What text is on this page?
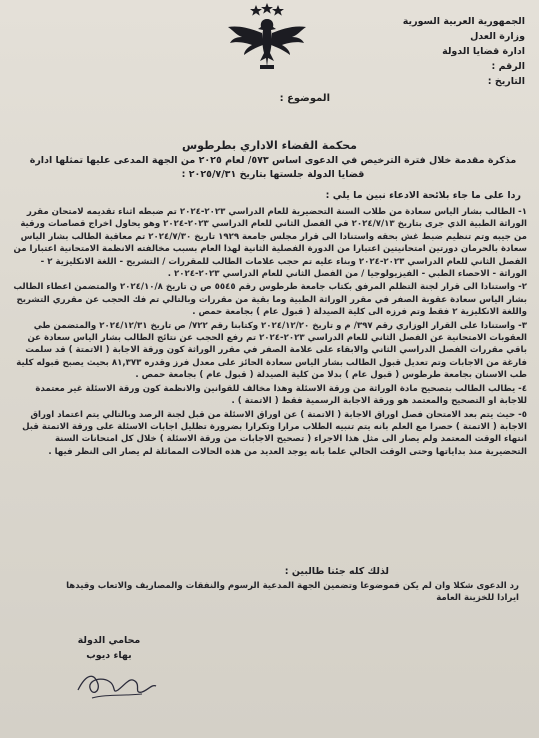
الجمهورية العربية السورية
وزارة العدل
ادارة قضايا الدولة
الرقم :
التاريخ :
الموضوع :
محكمة القضاء الاداري بطرطوس
مذكرة مقدمة خلال فترة الترخيص في الدعوى اساس ٥٧٣/ لعام ٢٠٢٥ من الجهة المدعى عليها تمثلها ادارة قضايا الدولة جلستها بتاريخ ٢٠٢٥/٧/٣١ :
ردا على ما جاء بلائحة الادعاء نبين ما يلي :
١- الطالب بشار الياس سعادة من طلاب السنة التحضيرية للعام الدراسي ٢٠٢٣-٢٠٢٤ تم ضبطه اثناء تقديمه لامتحان مقرر الوراثة الطبية الذي جرى بتاريخ ٢٠٢٤/٧/١٣ في الفصل الثاني للعام الدراسي ٢٠٢٣-٢٠٢٤ وهو يحاول اخراج قصاصات ورقية من جيبه وتم تنظيم ضبط غش بحقه واستنادا الى قرار مجلس جامعة ١٩٢٩ تاريخ ٢٠٢٤/٧/٣٠ تم معاقبة الطالب بشار الياس سعادة بالحرمان دورتين امتحانيتين اعتبارا من الدورة الفصلية الثانية لهذا العام بسبب مخالفته الانظمة الامتحانية اعتبارا من الفصل الثاني للعام الدراسي ٢٠٢٣-٢٠٢٤ وبناء عليه تم حجب علامات الطالب للمقررات / التشريح - اللغة الانكليزية ٢ - الوراثة - الاحصاء الطبي - الفيزيولوجيا / من الفصل الثاني للعام الدراسي ٢٠٢٣-٢٠٢٤ .
٢- واستنادا الى قرار لجنة التظلم المرفق بكتاب جامعة طرطوس رقم ٥٥٤٥ ص ن تاريخ ٢٠٢٤/١٠/٨ والمتضمن اعطاء الطالب بشار الياس سعادة عقوبة الصفر في مقرر الوراثة الطبية وما بقية من مقررات وبالتالي تم فك الحجب عن مقرري التشريح واللغة الانكليزية ٢ فقط وتم فرزه الى كلية الصيدلة ( قبول عام ) بجامعة حمص .
٣- واستنادا على القرار الوزاري رقم ٣٩٧/ م و تاريخ ٢٠٢٤/١٢/٢٠ وكتابنا رقم ٧٢٢/ ص تاريخ ٢٠٢٤/١٢/٣١ والمتضمن طي العقوبات الامتحانية عن الفصل الثاني للعام الدراسي ٢٠٢٣-٢٠٢٤ تم رفع الحجب عن نتائج الطالب بشار الياس سعادة عن باقي مقررات الفصل الدراسي الثاني والابقاء على علامة الصفر في مقرر الوراثة كون ورقة الاجابة ( الاتمتة ) قد سلمت فارغة من الاجابات وتم تعديل قبول الطالب بشار الياس سعادة الحائز على معدل فرز وقدره ٨١,٣٧٣ بحيث يصبح قبوله كلية طب الاسنان بجامعة طرطوس ( قبول عام ) بدلا من كلية الصيدلة ( قبول عام ) بجامعة حمص .
٤- يطالب الطالب بتصحيح مادة الوراثة من ورقة الاسئلة وهذا مخالف للقوانين والانظمة كون ورقة الاسئلة غير معتمدة للاجابة او التصحيح والمعتمد هو ورقة الاجابة الرسمية فقط ( الاتمتة ) .
٥- حيث يتم بعد الامتحان فصل اوراق الاجابة ( الاتمتة ) عن اوراق الاسئلة من قبل لجنة الرصد وبالتالي يتم اعتماد اوراق الاجابة ( الاتمتة ) حصرا مع العلم بانه يتم تنبيه الطلاب مرارا وتكرارا بضرورة تظليل اجابات الاسئلة على ورقة الاتمتة قبل انتهاء الوقت المعتمد ولم يصار الى مثل هذا الاجراء ( تصحيح الاجابات من ورقة الاسئلة ) خلال كل امتحانات السنة التحضيرية منذ بداياتها وحتى الوقت الحالي علما بانه يوجد العديد من هذه الحالات المماثلة لم يصار الى النظر فيها .
لذلك كله جئنا طالبين :
رد الدعوى شكلا وان لم يكن فموضوعا وتضمين الجهة المدعية الرسوم والنفقات والمصاريف والاتعاب وقيدها ايرادا للخزينة العامة
محامي الدولة
بهاء ديوب
